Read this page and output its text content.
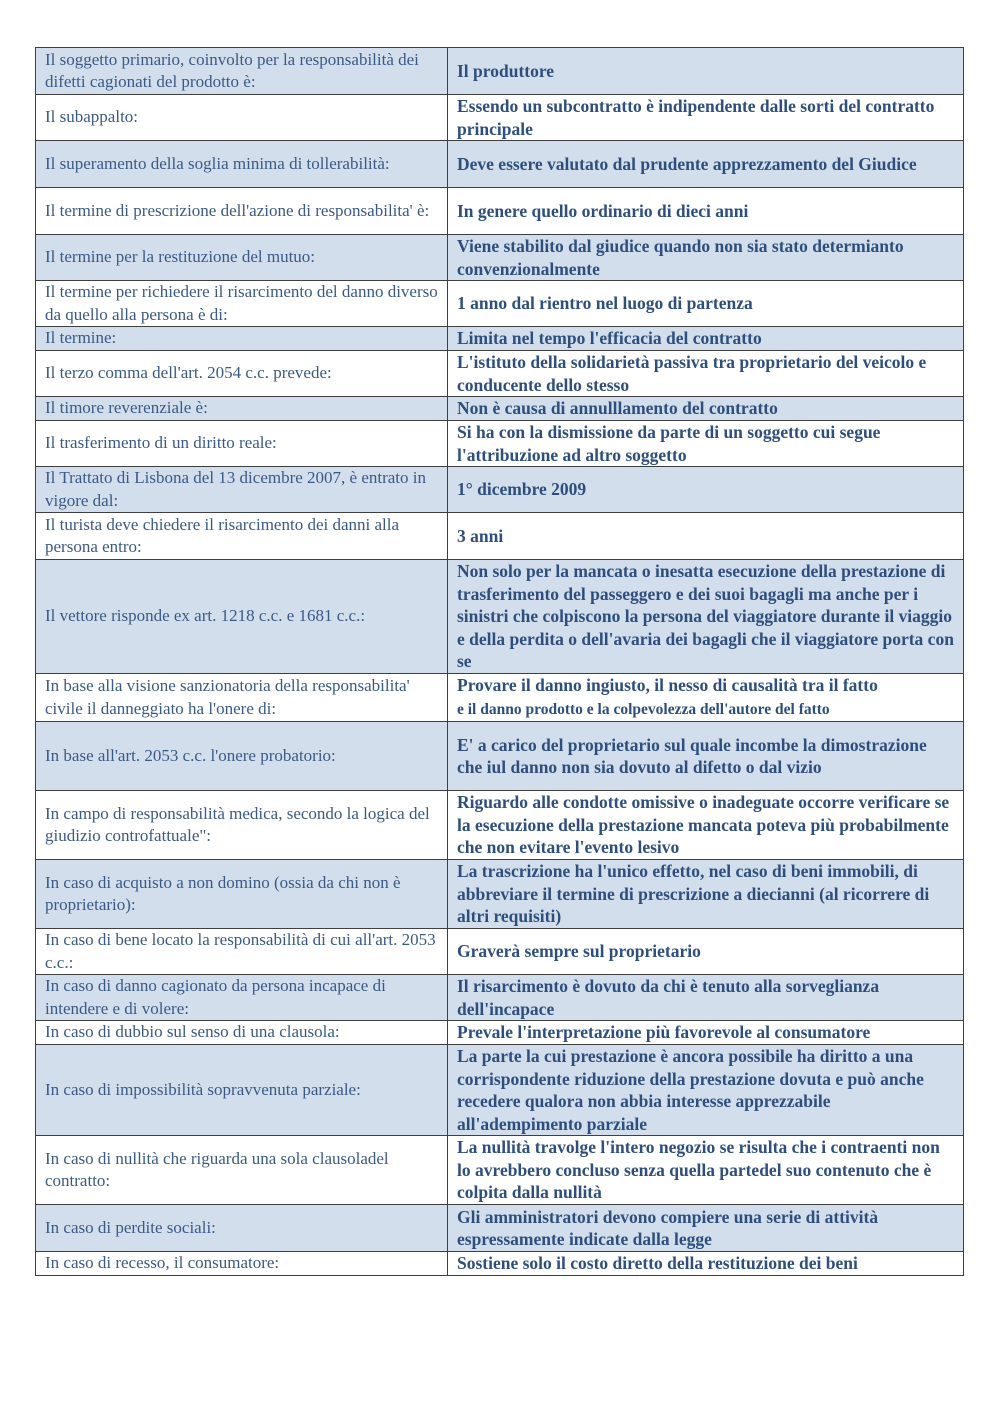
Il soggetto primario, coinvolto per la responsabilità dei difetti cagionati del prodotto è:	Il produttore
Il subappalto:	Essendo un subcontratto è indipendente dalle sorti del contratto principale
Il superamento della soglia minima di tollerabilità:	Deve essere valutato dal prudente apprezzamento del Giudice
Il termine di prescrizione dell'azione di responsabilita' è:	In genere quello ordinario di dieci anni
Il termine per la restituzione del mutuo:	Viene stabilito dal giudice quando non sia stato determianto convenzionalmente
Il termine per richiedere il risarcimento del danno diverso da quello alla persona è di:	1 anno dal rientro nel luogo di partenza
Il termine:	Limita nel tempo l'efficacia del contratto
Il terzo comma dell'art. 2054 c.c. prevede:	L'istituto della solidarietà passiva tra proprietario del veicolo e conducente dello stesso
Il timore reverenziale è:	Non è causa di annulllamento del contratto
Il trasferimento di un diritto reale:	Si ha con la dismissione da parte di un soggetto cui segue l'attribuzione ad altro soggetto
Il Trattato di Lisbona del 13 dicembre 2007, è entrato in vigore dal:	1° dicembre 2009
Il turista deve chiedere il risarcimento dei danni alla persona entro:	3 anni
Il vettore risponde ex art. 1218 c.c. e 1681 c.c.:	Non solo per la mancata o inesatta esecuzione della prestazione di trasferimento del passeggero e dei suoi bagagli ma anche per i sinistri che colpiscono la persona del viaggiatore durante il viaggio e della perdita o dell'avaria dei bagagli che il viaggiatore porta con se
In base alla visione sanzionatoria della responsabilita' civile il danneggiato ha l'onere di:	Provare il danno ingiusto, il nesso di causalità tra il fatto
e il danno prodotto e la colpevolezza dell'autore del fatto
In base all'art. 2053 c.c. l'onere probatorio:	E' a carico del proprietario sul quale incombe la dimostrazione che iul danno non sia dovuto al difetto o dal vizio
In campo di responsabilità medica, secondo la logica del giudizio controfattuale":	Riguardo alle condotte omissive o inadeguate occorre verificare se la esecuzione della prestazione mancata poteva più probabilmente che non evitare l'evento lesivo
In caso di acquisto a non domino (ossia da chi non è proprietario):	La trascrizione ha l'unico effetto, nel caso di beni immobili, di abbreviare il termine di prescrizione a diecianni (al ricorrere di altri requisiti)
In caso di bene locato la responsabilità di cui all'art. 2053 c.c.:	Graverà sempre sul proprietario
In caso di danno cagionato da persona incapace di intendere e di volere:	Il risarcimento è dovuto da chi è tenuto alla sorveglianza dell'incapace
In caso di dubbio sul senso di una clausola:	Prevale l'interpretazione più favorevole al consumatore
In caso di impossibilità sopravvenuta parziale:	La parte la cui prestazione è ancora possibile ha diritto a una corrispondente riduzione della prestazione dovuta e può anche recedere qualora non abbia interesse apprezzabile all'adempimento parziale
In caso di nullità che riguarda una sola clausoladel contratto:	La nullità travolge l'intero negozio se risulta che i contraenti non lo avrebbero concluso senza quella partedel suo contenuto che è colpita dalla nullità
In caso di perdite sociali:	Gli amministratori devono compiere una serie di attività espressamente indicate dalla legge
In caso di recesso, il consumatore:	Sostiene solo il costo diretto della restituzione dei beni
